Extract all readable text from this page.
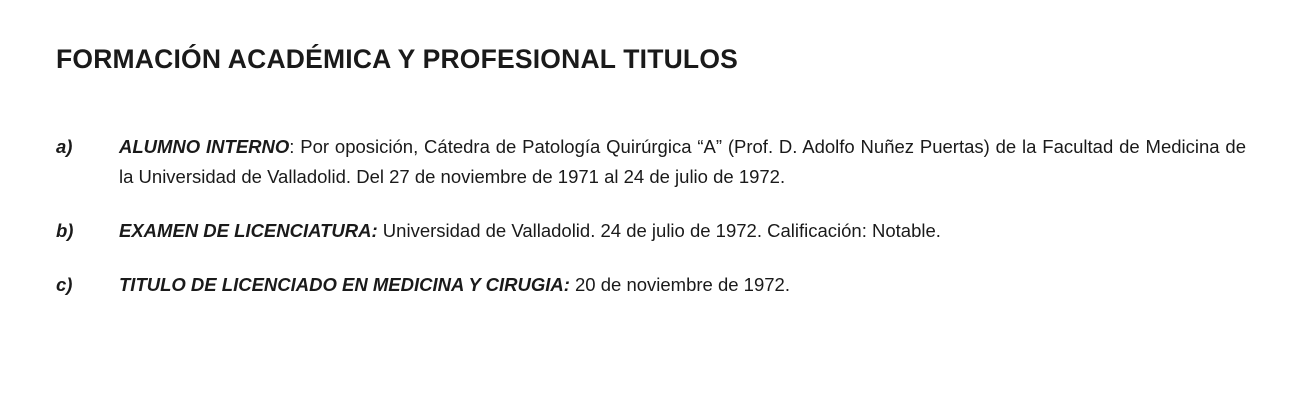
FORMACIÓN ACADÉMICA Y PROFESIONAL TITULOS
a)	ALUMNO INTERNO: Por oposición, Cátedra de Patología Quirúrgica “A” (Prof. D. Adolfo Nuñez Puertas) de la Facultad de Medicina de la Universidad de Valladolid. Del 27 de noviembre de 1971 al 24 de julio de 1972.
b) EXAMEN DE LICENCIATURA: Universidad de Valladolid. 24 de julio de 1972. Calificación: Notable.
c)	TITULO DE LICENCIADO EN MEDICINA Y CIRUGIA: 20 de noviembre de 1972.
